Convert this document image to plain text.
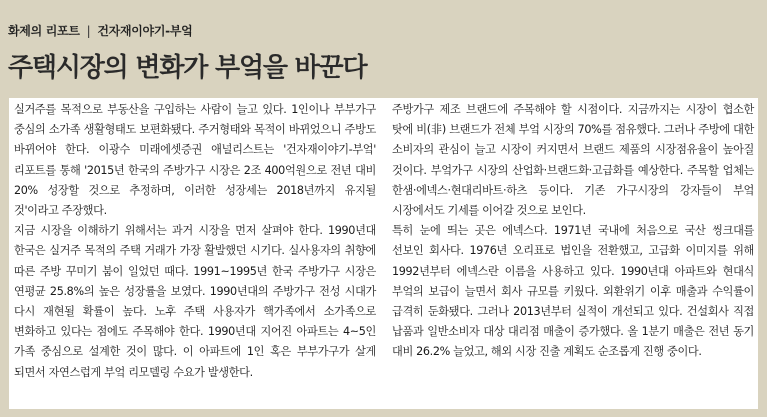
화제의 리포트 | 건자재이야기-부엌
주택시장의 변화가 부엌을 바꾼다

실거주를 목적으로 부동산을 구입하는 사람이 늘고 있다. 1인이나 부부가구 중심의 소가족 생활형태도 보편화됐다. 주거형태와 목적이 바뀌었으니 주방도 바뀌어야 한다. 이광수 미래에셋증권 애널리스트는 '건자재이야기-부엌' 리포트를 통해 '2015년 한국의 주방가구 시장은 2조 400억원으로 전년 대비 20% 성장할 것으로 추정하며, 이러한 성장세는 2018년까지 유지될 것'이라고 주장했다.

지금 시장을 이해하기 위해서는 과거 시장을 먼저 살펴야 한다. 1990년대 한국은 실거주 목적의 주택 거래가 가장 활발했던 시기다. 실사용자의 취향에 따른 주방 꾸미기 붐이 일었던 때다. 1991~1995년 한국 주방가구 시장은 연평균 25.8%의 높은 성장률을 보였다. 1990년대의 주방가구 전성 시대가 다시 재현될 확률이 높다. 노후 주택 사용자가 핵가족에서 소가족으로 변화하고 있다는 점에도 주목해야 한다. 1990년대 지어진 아파트는 4~5인 가족 중심으로 설계한 것이 많다. 이 아파트에 1인 혹은 부부가구가 살게 되면서 자연스럽게 부엌 리모델링 수요가 발생한다.

주방가구 제조 브랜드에 주목해야 할 시점이다. 지금까지는 시장이 협소한 탓에 비(非) 브랜드가 전체 부엌 시장의 70%를 점유했다. 그러나 주방에 대한 소비자의 관심이 늘고 시장이 커지면서 브랜드 제품의 시장점유율이 높아질 것이다. 부엌가구 시장의 산업화·브랜드화·고급화를 예상한다. 주목할 업체는 한샘·에넥스·현대리바트·하츠 등이다. 기존 가구시장의 강자들이 부엌 시장에서도 기세를 이어갈 것으로 보인다.

특히 눈에 띄는 곳은 에넥스다. 1971년 국내에 처음으로 국산 씽크대를 선보인 회사다. 1976년 오리표로 법인을 전환했고, 고급화 이미지를 위해 1992년부터 에넥스란 이름을 사용하고 있다. 1990년대 아파트와 현대식 부엌의 보급이 늘면서 회사 규모를 키웠다. 외환위기 이후 매출과 수익률이 급격히 둔화됐다. 그러나 2013년부터 실적이 개선되고 있다. 건설회사 직접 납품과 일반소비자 대상 대리점 매출이 증가했다. 올 1분기 매출은 전년 동기 대비 26.2% 늘었고, 해외 시장 진출 계획도 순조롭게 진행 중이다.
